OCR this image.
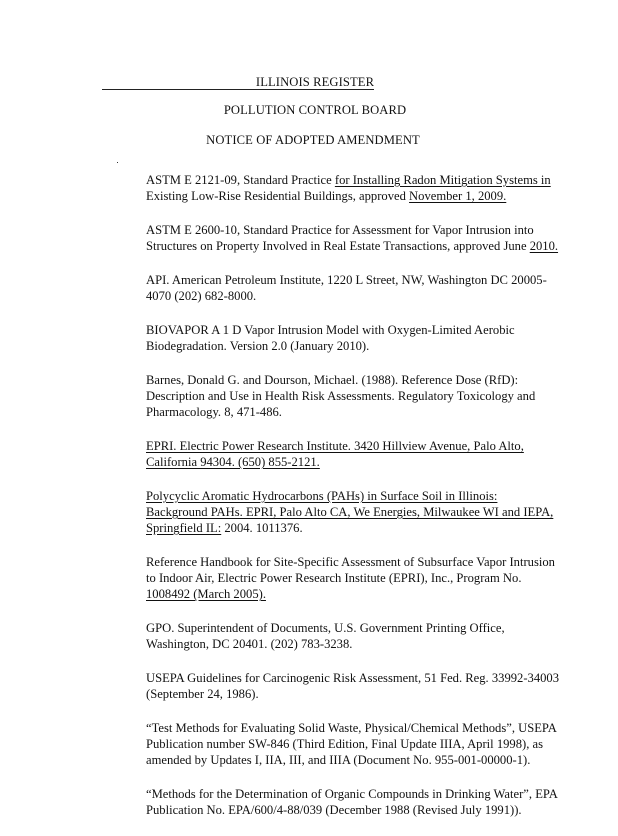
ILLINOIS REGISTER
POLLUTION CONTROL BOARD
NOTICE OF ADOPTED AMENDMENT
ASTM E 2121-09, Standard Practice for Installing Radon Mitigation Systems in
Existing Low-Rise Residential Buildings, approved November 1, 2009.
ASTM E 2600-10, Standard Practice for Assessment for Vapor Intrusion into
Structures on Property Involved in Real Estate Transactions, approved June 2010.
API. American Petroleum Institute, 1220 L Street, NW, Washington DC 20005-
4070 (202) 682-8000.
BIOVAPOR A 1 D Vapor Intrusion Model with Oxygen-Limited Aerobic
Biodegradation. Version 2.0 (January 2010).
Barnes, Donald G. and Dourson, Michael. (1988). Reference Dose (RfD):
Description and Use in Health Risk Assessments. Regulatory Toxicology and
Pharmacology. 8, 471-486.
EPRI. Electric Power Research Institute. 3420 Hillview Avenue, Palo Alto,
California 94304. (650) 855-2121.
Polycyclic Aromatic Hydrocarbons (PAHs) in Surface Soil in Illinois:
Background PAHs. EPRI, Palo Alto CA, We Energies, Milwaukee WI and IEPA,
Springfield IL: 2004. 1011376.
Reference Handbook for Site-Specific Assessment of Subsurface Vapor Intrusion
to Indoor Air, Electric Power Research Institute (EPRI), Inc., Program No.
1008492 (March 2005).
GPO. Superintendent of Documents, U.S. Government Printing Office,
Washington, DC 20401. (202) 783-3238.
USEPA Guidelines for Carcinogenic Risk Assessment, 51 Fed. Reg. 33992-34003
(September 24, 1986).
“Test Methods for Evaluating Solid Waste, Physical/Chemical Methods”, USEPA
Publication number SW-846 (Third Edition, Final Update IIIA, April 1998), as
amended by Updates I, IIA, III, and IIIA (Document No. 955-001-00000-1).
“Methods for the Determination of Organic Compounds in Drinking Water”, EPA
Publication No. EPA/600/4-88/039 (December 1988 (Revised July 1991)).
